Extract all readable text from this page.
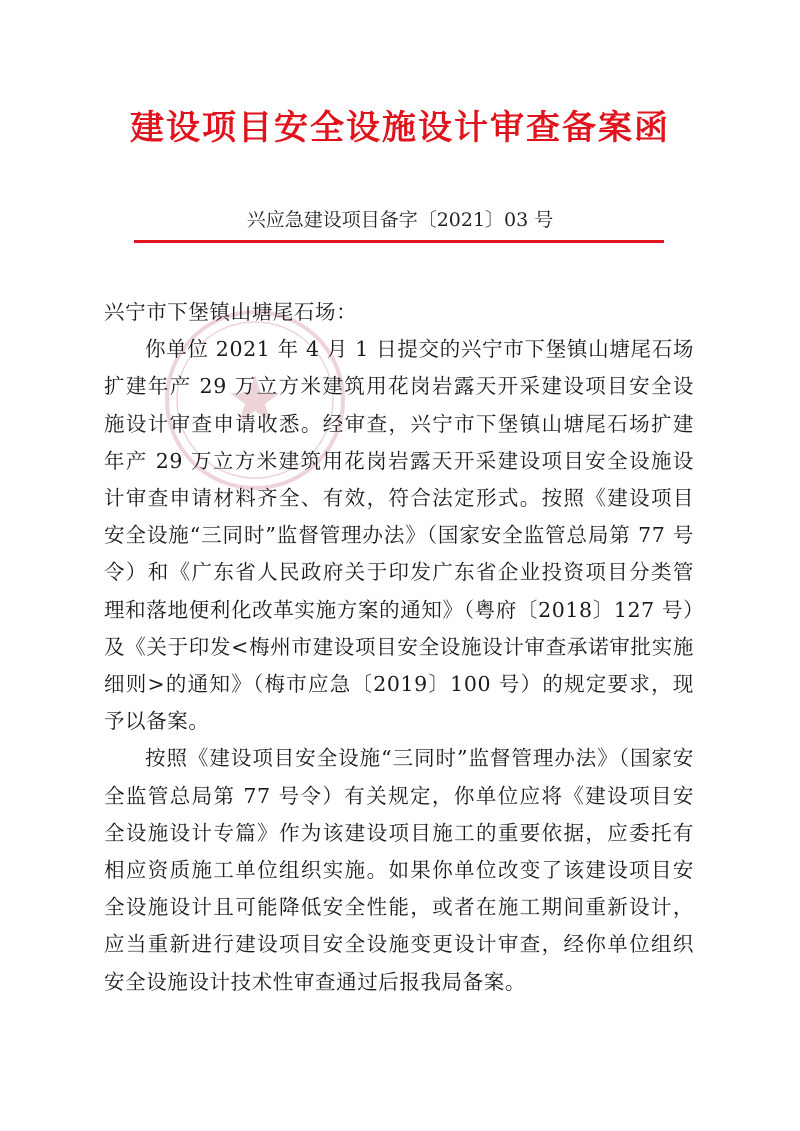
建设项目安全设施设计审查备案函
兴应急建设项目备字〔2021〕03 号

兴宁市下堡镇山塘尾石场：

你单位 2021 年 4 月 1 日提交的兴宁市下堡镇山塘尾石场扩建年产 29 万立方米建筑用花岗岩露天开采建设项目安全设施设计审查申请收悉。经审查，兴宁市下堡镇山塘尾石场扩建年产 29 万立方米建筑用花岗岩露天开采建设项目安全设施设计审查申请材料齐全、有效，符合法定形式。按照《建设项目安全设施“三同时”监督管理办法》（国家安全监管总局第 77 号令）和《广东省人民政府关于印发广东省企业投资项目分类管理和落地便利化改革实施方案的通知》（粤府〔2018〕127 号）及《关于印发<梅州市建设项目安全设施设计审查承诺审批实施细则>的通知》（梅市应急〔2019〕100 号）的规定要求，现予以备案。

按照《建设项目安全设施“三同时”监督管理办法》（国家安全监管总局第 77 号令）有关规定，你单位应将《建设项目安全设施设计专篇》作为该建设项目施工的重要依据，应委托有相应资质施工单位组织实施。如果你单位改变了该建设项目安全设施设计且可能降低安全性能，或者在施工期间重新设计，应当重新进行建设项目安全设施变更设计审查，经你单位组织安全设施设计技术性审查通过后报我局备案。
